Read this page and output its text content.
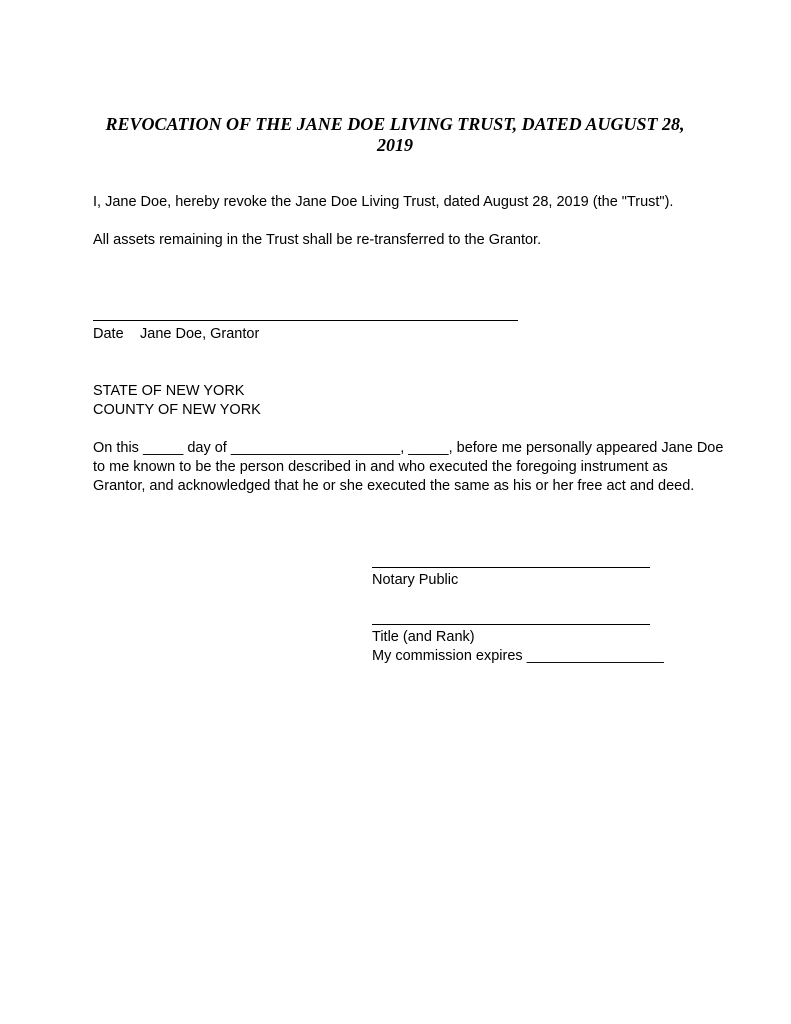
REVOCATION OF THE JANE DOE LIVING TRUST, DATED AUGUST 28, 2019
I, Jane Doe, hereby revoke the Jane Doe Living Trust, dated August 28, 2019 (the "Trust").
All assets remaining in the Trust shall be re-transferred to the Grantor.
Date Jane Doe, Grantor
STATE OF NEW YORK
COUNTY OF NEW YORK
On this _____ day of _____________________, _____, before me personally appeared Jane Doe
to me known to be the person described in and who executed the foregoing instrument as
Grantor, and acknowledged that he or she executed the same as his or her free act and deed.
Notary Public
Title (and Rank)
My commission expires _________________
